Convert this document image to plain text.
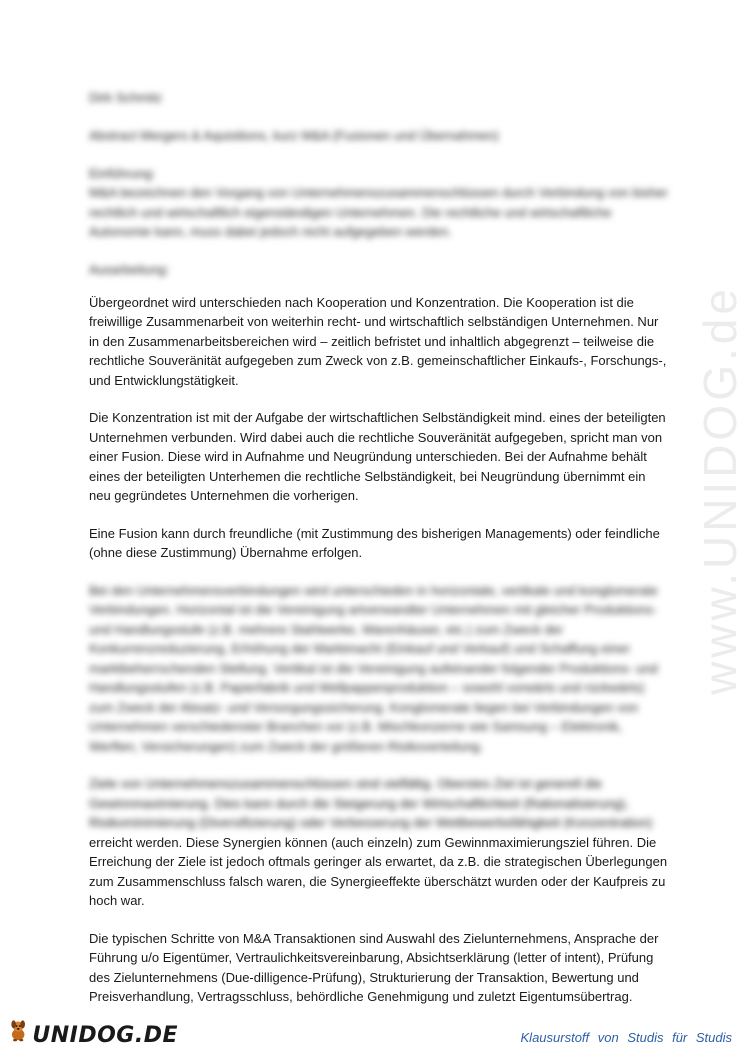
www.UNIDOG.de

Dirk Schmitz

Abstract Mergers & Aquisitions, kurz M&A (Fusionen und Übernahmen)

Einführung:

M&A bezeichnen den Vorgang von Unternehmenszusammenschlüssen durch Verbindung von bisher rechtlich und wirtschaftlich eigenständigen Unternehmen. Die rechtliche und wirtschaftliche Autonomie kann, muss dabei jedoch nicht aufgegeben werden.

Ausarbeitung:

Übergeordnet wird unterschieden nach Kooperation und Konzentration. Die Kooperation ist die freiwillige Zusammenarbeit von weiterhin recht- und wirtschaftlich selbständigen Unternehmen. Nur in den Zusammenarbeitsbereichen wird – zeitlich befristet und inhaltlich abgegrenzt – teilweise die rechtliche Souveränität aufgegeben zum Zweck von z.B. gemeinschaftlicher Einkaufs-, Forschungs-, und Entwicklungstätigkeit.

Die Konzentration ist mit der Aufgabe der wirtschaftlichen Selbständigkeit mind. eines der beteiligten Unternehmen verbunden. Wird dabei auch die rechtliche Souveränität aufgegeben, spricht man von einer Fusion. Diese wird in Aufnahme und Neugründung unterschieden. Bei der Aufnahme behält eines der beteiligten Unterhemen die rechtliche Selbständigkeit, bei Neugründung übernimmt ein neu gegründetes Unternehmen die vorherigen.

Eine Fusion kann durch freundliche (mit Zustimmung des bisherigen Managements) oder feindliche (ohne diese Zustimmung) Übernahme erfolgen.

Bei den Unternehmensverbindungen wird unterschieden in horizontale, vertikale und konglomerate Verbindungen. Horizontal ist die Vereinigung artverwandter Unternehmen mit gleicher Produktions- und Handlungsstufe (z.B. mehrere Stahlwerke, Warenhäuser, etc.) zum Zweck der Konkurrenzreduzierung, Erhöhung der Marktmacht (Einkauf und Verkauf) und Schaffung einer marktbeherrschenden Stellung. Vertikal ist die Vereinigung aufeinander folgender Produktions- und Handlungsstufen (z.B. Papierfabrik und Wellpappenproduktion – sowohl vorwärts und rückwärts) zum Zweck der Absatz- und Versorgungssicherung. Konglomerate liegen bei Verbindungen von Unternehmen verschiedenster Branchen vor (z.B. Mischkonzerne wie Samsung – Elektronik, Werften, Versicherungen) zum Zweck der größeren Risikoverteilung.

Ziele von Unternehmenszusammenschlüssen sind vielfältig. Oberstes Ziel ist generell die Gewinnmaximierung. Dies kann durch die Steigerung der Wirtschaftlichkeit (Rationalisierung), Risikominimierung (Diversifizierung) oder Verbesserung der Wettbewerbsfähigkeit (Konzentration)
erreicht werden. Diese Synergien können (auch einzeln) zum Gewinnmaximierungsziel führen. Die Erreichung der Ziele ist jedoch oftmals geringer als erwartet, da z.B. die strategischen Überlegungen zum Zusammenschluss falsch waren, die Synergieeffekte überschätzt wurden oder der Kaufpreis zu hoch war.

Die typischen Schritte von M&A Transaktionen sind Auswahl des Zielunternehmens, Ansprache der Führung u/o Eigentümer, Vertraulichkeitsvereinbarung, Absichtserklärung (letter of intent), Prüfung des Zielunternehmens (Due-dilligence-Prüfung), Strukturierung der Transaktion, Bewertung und Preisverhandlung, Vertragsschluss, behördliche Genehmigung und zuletzt Eigentumsübertrag.

UNIDOG.DE	Klausurstoff von Studis für Studis
